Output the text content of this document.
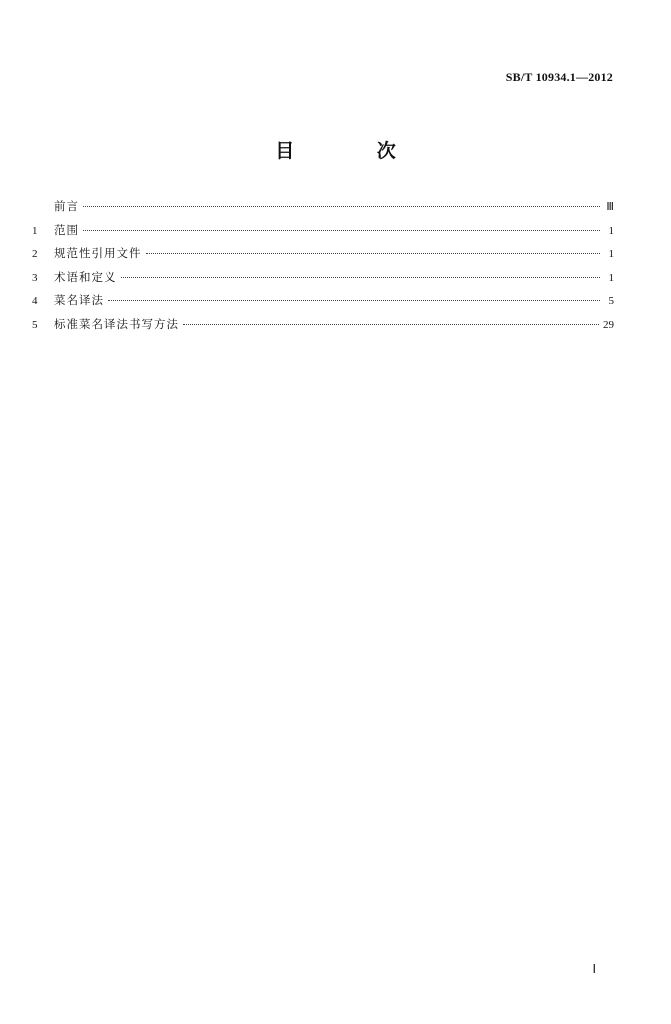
SB/T 10934.1—2012
目 次
前言	Ⅲ
1	范围	1
2	规范性引用文件	1
3	术语和定义	1
4	菜名译法	5
5	标准菜名译法书写方法	29
Ⅰ
